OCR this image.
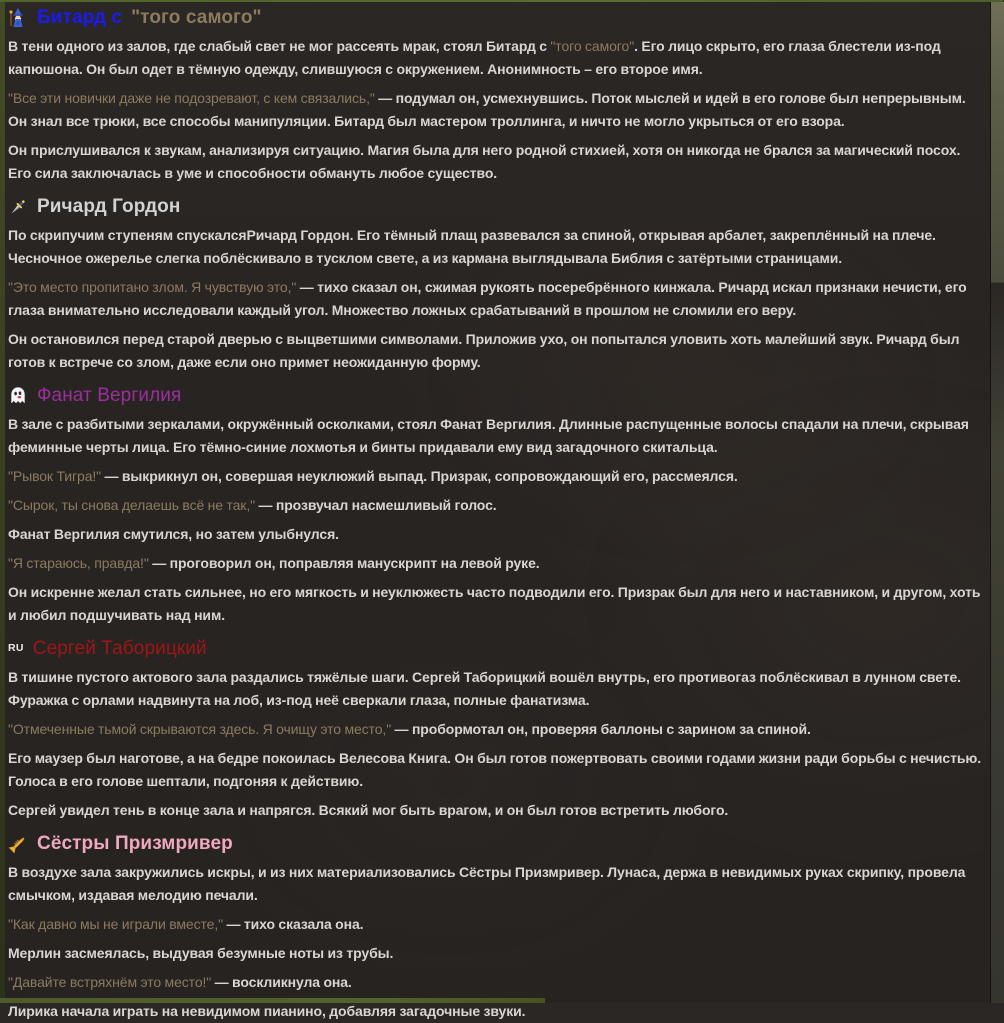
Битард с "того самого"

В тени одного из залов, где слабый свет не мог рассеять мрак, стоял Битард с "того самого". Его лицо скрыто, его глаза блестели из-под капюшона. Он был одет в тёмную одежду, слившуюся с окружением. Анонимность – его второе имя.

"Все эти новички даже не подозревают, с кем связались," — подумал он, усмехнувшись. Поток мыслей и идей в его голове был непрерывным. Он знал все трюки, все способы манипуляции. Битард был мастером троллинга, и ничто не могло укрыться от его взора.

Он прислушивался к звукам, анализируя ситуацию. Магия была для него родной стихией, хотя он никогда не брался за магический посох. Его сила заключалась в уме и способности обмануть любое существо.

Ричард Гордон

По скрипучим ступеням спускалсяРичард Гордон. Его тёмный плащ развевался за спиной, открывая арбалет, закреплённый на плече. Чесночное ожерелье слегка поблёскивало в тусклом свете, а из кармана выглядывала Библия с затёртыми страницами.

"Это место пропитано злом. Я чувствую это," — тихо сказал он, сжимая рукоять посеребрённого кинжала. Ричард искал признаки нечисти, его глаза внимательно исследовали каждый угол. Множество ложных срабатываний в прошлом не сломили его веру.

Он остановился перед старой дверью с выцветшими символами. Приложив ухо, он попытался уловить хоть малейший звук. Ричард был готов к встрече со злом, даже если оно примет неожиданную форму.

Фанат Вергилия

В зале с разбитыми зеркалами, окружённый осколками, стоял Фанат Вергилия. Длинные распущенные волосы спадали на плечи, скрывая феминные черты лица. Его тёмно-синие лохмотья и бинты придавали ему вид загадочного скитальца.

"Рывок Тигра!" — выкрикнул он, совершая неуклюжий выпад. Призрак, сопровождающий его, рассмеялся.

"Сырок, ты снова делаешь всё не так," — прозвучал насмешливый голос.

Фанат Вергилия смутился, но затем улыбнулся.

"Я стараюсь, правда!" — проговорил он, поправляя манускрипт на левой руке.

Он искренне желал стать сильнее, но его мягкость и неуклюжесть часто подводили его. Призрак был для него и наставником, и другом, хоть и любил подшучивать над ним.

RU Сергей Таборицкий

В тишине пустого актового зала раздались тяжёлые шаги. Сергей Таборицкий вошёл внутрь, его противогаз поблёскивал в лунном свете. Фуражка с орлами надвинута на лоб, из-под неё сверкали глаза, полные фанатизма.

"Отмеченные тьмой скрываются здесь. Я очищу это место," — пробормотал он, проверяя баллоны с зарином за спиной.

Его маузер был наготове, а на бедре покоилась Велесова Книга. Он был готов пожертвовать своими годами жизни ради борьбы с нечистью. Голоса в его голове шептали, подгоняя к действию.

Сергей увидел тень в конце зала и напрягся. Всякий мог быть врагом, и он был готов встретить любого.

Сёстры Призмривер

В воздухе зала закружились искры, и из них материализовались Сёстры Призмривер. Лунаса, держа в невидимых руках скрипку, провела смычком, издавая мелодию печали.

"Как давно мы не играли вместе," — тихо сказала она.

Мерлин засмеялась, выдувая безумные ноты из трубы.

"Давайте встряхнём это место!" — воскликнула она.

Лирика начала играть на невидимом пианино, добавляя загадочные звуки.
